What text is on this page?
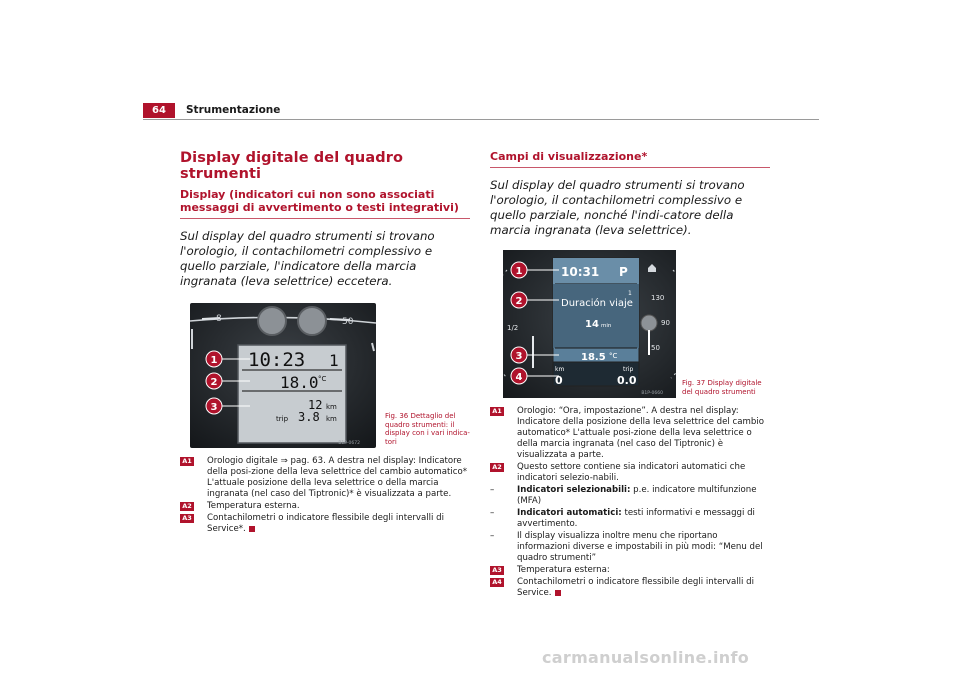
64	Strumentazione
Display digitale del quadro strumenti
Display (indicatori cui non sono associati messaggi di avvertimento o testi integrativi)

Sul display del quadro strumenti si trovano l'orologio, il contachilometri complessivo e quello parziale, l'indicatore della marcia ingranata (leva selettrice) eccetera.

8	50
10:23 1
18.0 °C
12 km
trip 3.8 km
1
2
3
B1P-0672
Fig. 36 Dettaglio del quadro strumenti: il display con i vari indica-tori
A1 Orologio digitale ⇒ pag. 63. A destra nel display: Indicatore della posi-zione della leva selettrice del cambio automatico* L'attuale posizione della leva selettrice o della marcia ingranata (nel caso del Tiptronic)* è visualizzata a parte.
A2 Temperatura esterna.
A3 Contachilometri o indicatore flessibile degli intervalli di Service*.
Campi di visualizzazione*

Sul display del quadro strumenti si trovano l'orologio, il contachilometri complessivo e quello parziale, nonché l'indi-catore della marcia ingranata (leva selettrice).

10:31 P
1
Duración viaje
14 min
18.5 °C
km	trip
0	0.0
130
90
50
1/2
1
2
3
4
B1P-0660
Fig. 37 Display digitale del quadro strumenti
A1 Orologio: “Ora, impostazione”. A destra nel display: Indicatore della posizione della leva selettrice del cambio automatico* L'attuale posi-zione della leva selettrice o della marcia ingranata (nel caso del Tiptronic) è visualizzata a parte.
A2 Questo settore contiene sia indicatori automatici che indicatori selezio-nabili.
–	Indicatori selezionabili: p.e. indicatore multifunzione (MFA)
–	Indicatori automatici: testi informativi e messaggi di avvertimento.
–	Il display visualizza inoltre menu che riportano informazioni diverse e impostabili in più modi: “Menu del quadro strumenti”
A3 Temperatura esterna:
A4 Contachilometri o indicatore flessibile degli intervalli di Service.
carmanualsonline.info
